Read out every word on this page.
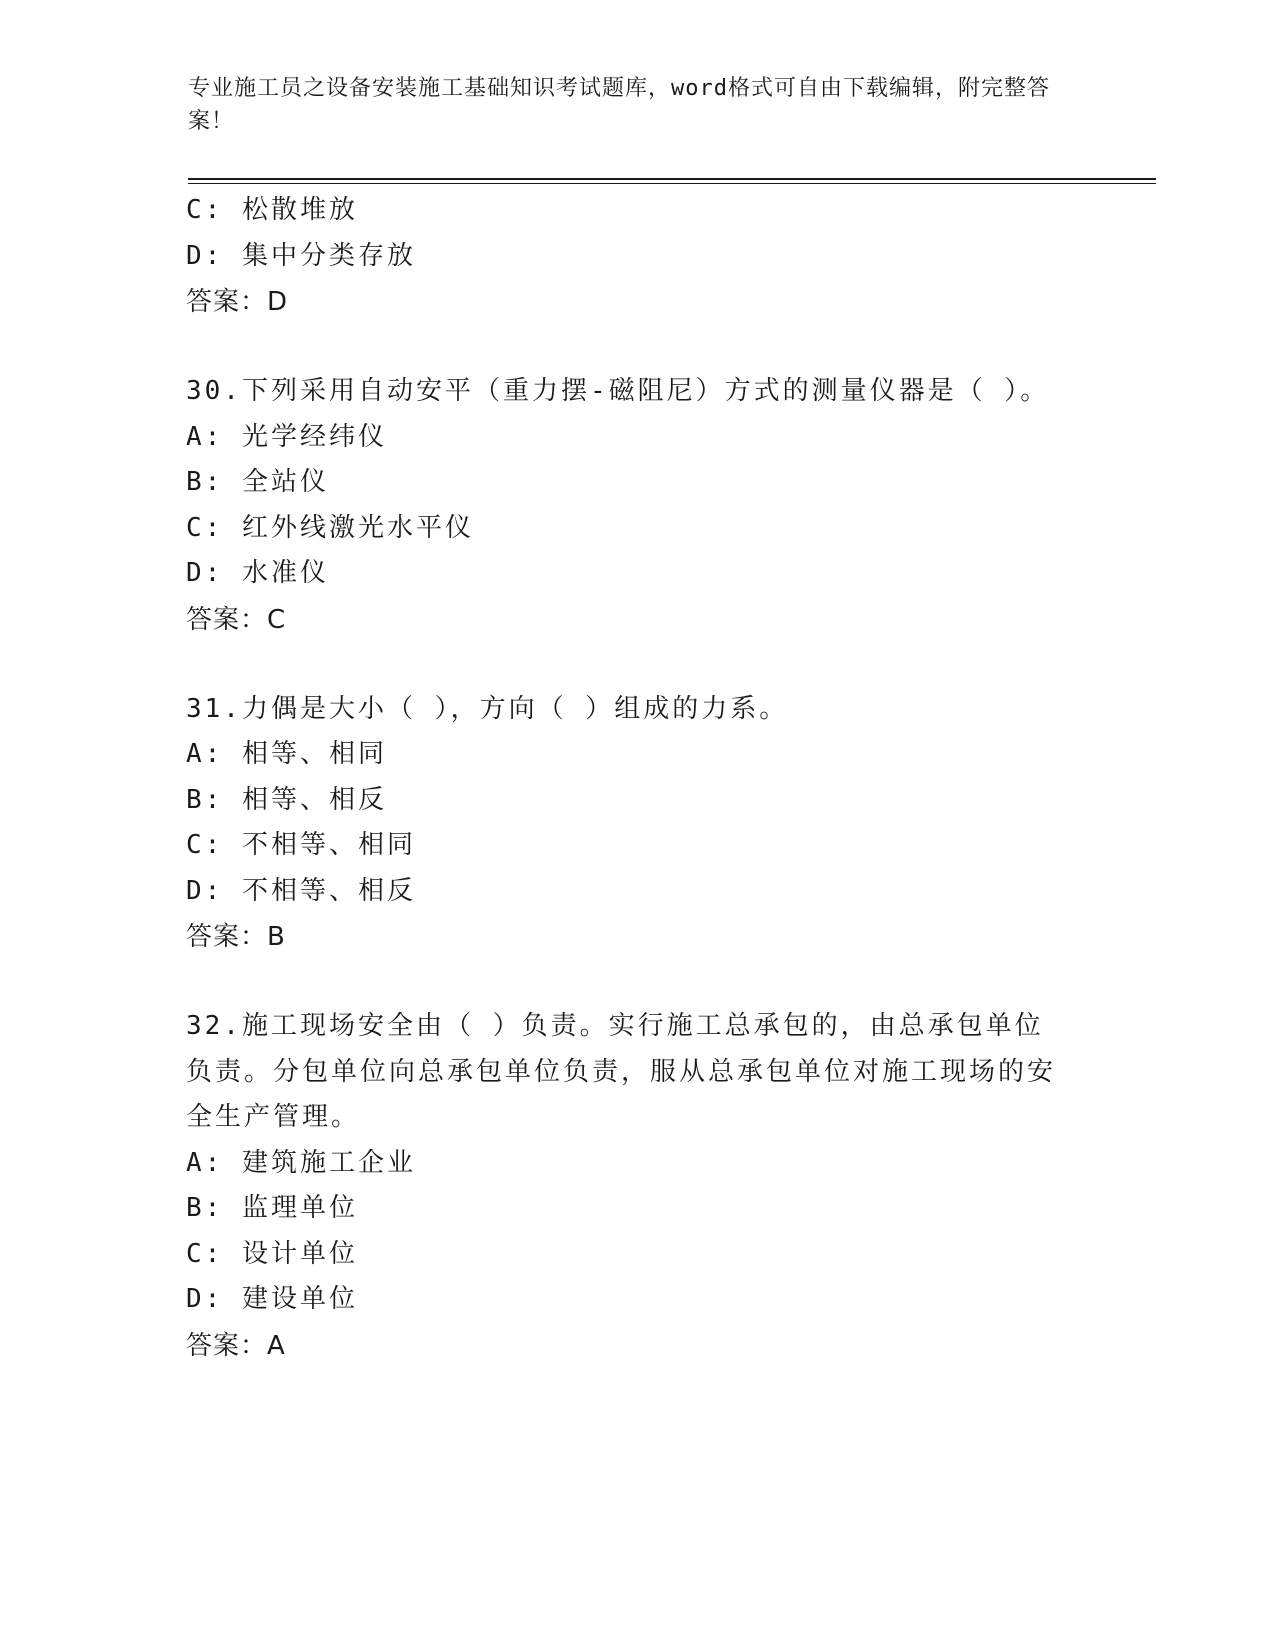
专业施工员之设备安装施工基础知识考试题库，word格式可自由下载编辑，附完整答案！
C: 松散堆放
D: 集中分类存放
答案：D
30.下列采用自动安平（重力摆-磁阻尼）方式的测量仪器是（ ）。
A: 光学经纬仪
B: 全站仪
C: 红外线激光水平仪
D: 水准仪
答案：C
31.力偶是大小（ ），方向（ ）组成的力系。
A: 相等、相同
B: 相等、相反
C: 不相等、相同
D: 不相等、相反
答案：B
32.施工现场安全由（ ）负责。实行施工总承包的，由总承包单位负责。分包单位向总承包单位负责，服从总承包单位对施工现场的安全生产管理。
A: 建筑施工企业
B: 监理单位
C: 设计单位
D: 建设单位
答案：A
